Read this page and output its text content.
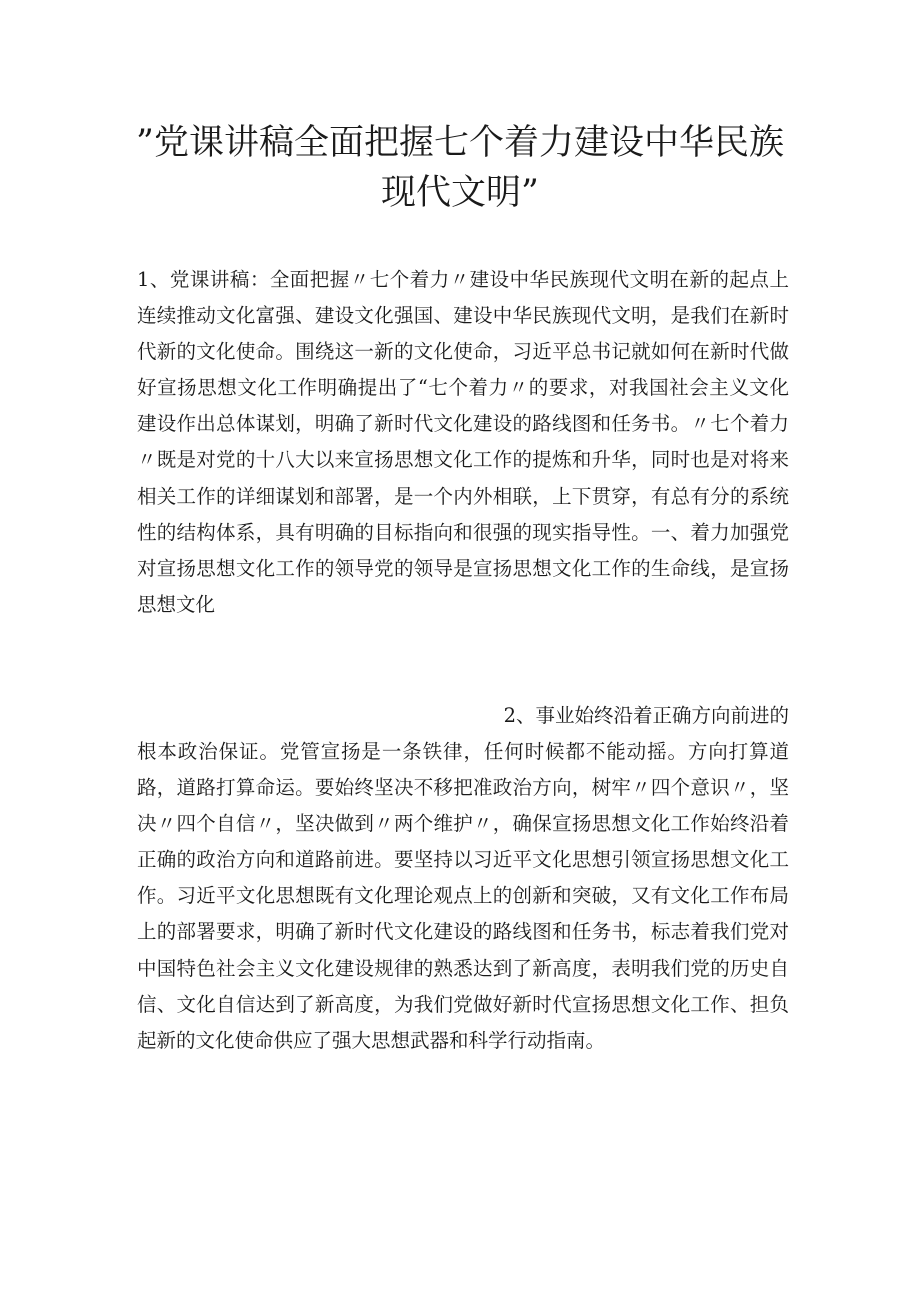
”党课讲稿全面把握七个着力建设中华民族
现代文明”

1、党课讲稿：全面把握〃七个着力〃建设中华民族现代文明在新的起点上连续推动文化富强、建设文化强国、建设中华民族现代文明，是我们在新时代新的文化使命。围绕这一新的文化使命，习近平总书记就如何在新时代做好宣扬思想文化工作明确提出了“七个着力〃的要求，对我国社会主义文化建设作出总体谋划，明确了新时代文化建设的路线图和任务书。〃七个着力〃既是对党的十八大以来宣扬思想文化工作的提炼和升华，同时也是对将来相关工作的详细谋划和部署，是一个内外相联，上下贯穿，有总有分的系统性的结构体系，具有明确的目标指向和很强的现实指导性。一、着力加强党对宣扬思想文化工作的领导党的领导是宣扬思想文化工作的生命线，是宣扬思想文化

2、事业始终沿着正确方向前进的

根本政治保证。党管宣扬是一条铁律，任何时候都不能动摇。方向打算道路，道路打算命运。要始终坚决不移把准政治方向，树牢〃四个意识〃，坚决〃四个自信〃，坚决做到〃两个维护〃，确保宣扬思想文化工作始终沿着正确的政治方向和道路前进。要坚持以习近平文化思想引领宣扬思想文化工作。习近平文化思想既有文化理论观点上的创新和突破，又有文化工作布局上的部署要求，明确了新时代文化建设的路线图和任务书，标志着我们党对中国特色社会主义文化建设规律的熟悉达到了新高度，表明我们党的历史自信、文化自信达到了新高度，为我们党做好新时代宣扬思想文化工作、担负起新的文化使命供应了强大思想武器和科学行动指南。
